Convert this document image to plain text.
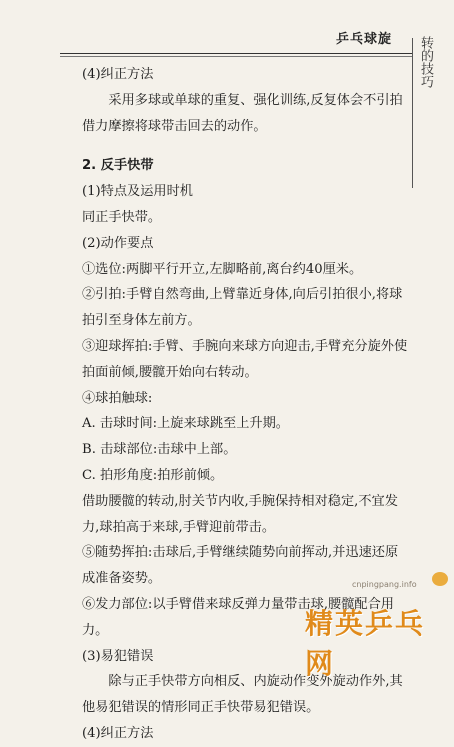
乒乓球旋 转的技巧

(4)纠正方法

采用多球或单球的重复、强化训练,反复体会不引拍借力摩擦将球带击回去的动作。

2. 反手快带

(1)特点及运用时机

同正手快带。

(2)动作要点

①选位:两脚平行开立,左脚略前,离台约40厘米。

②引拍:手臂自然弯曲,上臂靠近身体,向后引拍很小,将球拍引至身体左前方。

③迎球挥拍:手臂、手腕向来球方向迎击,手臂充分旋外使拍面前倾,腰髋开始向右转动。

④球拍触球:

A. 击球时间:上旋来球跳至上升期。

B. 击球部位:击球中上部。

C. 拍形角度:拍形前倾。

借助腰髋的转动,肘关节内收,手腕保持相对稳定,不宜发力,球拍高于来球,手臂迎前带击。

⑤随势挥拍:击球后,手臂继续随势向前挥动,并迅速还原成准备姿势。

⑥发力部位:以手臂借来球反弹力量带击球,腰髋配合用力。

(3)易犯错误

除与正手快带方向相反、内旋动作变外旋动作外,其他易犯错误的情形同正手快带易犯错误。

(4)纠正方法

cnpingpang.info
精英乒乓网
